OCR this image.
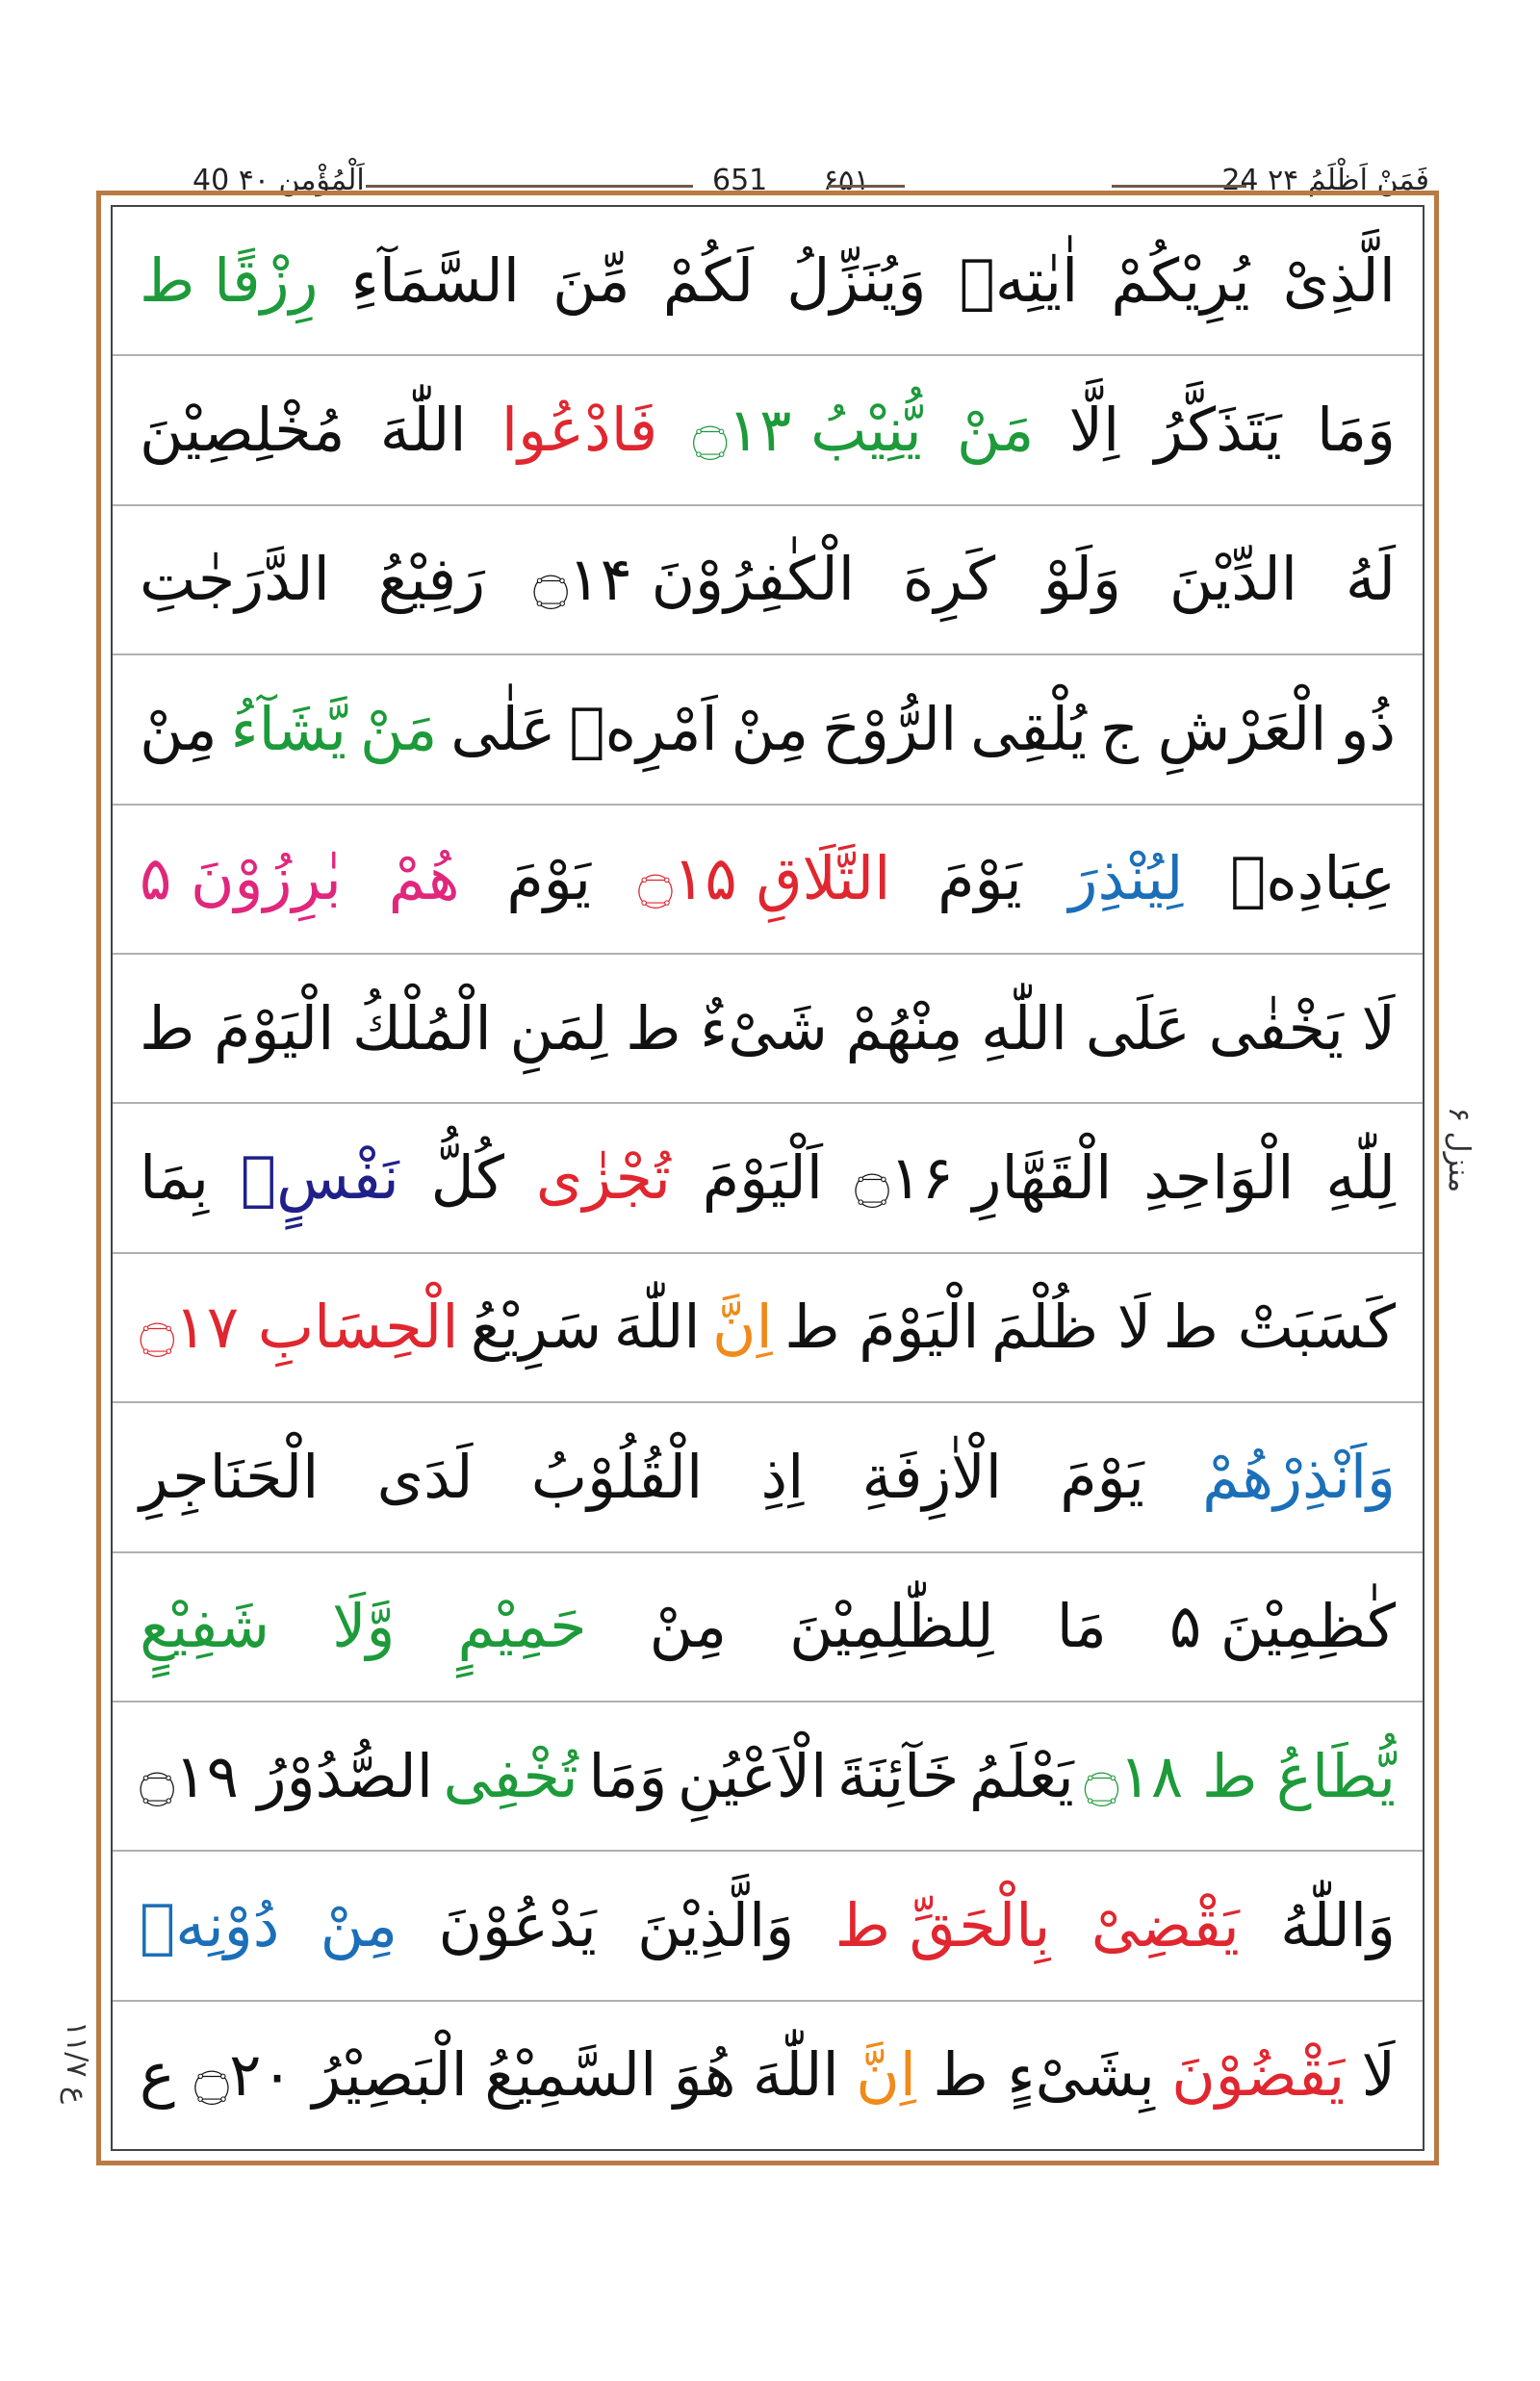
24 فَمَنْ اَظْلَمُ ۲۴
۶۵۱
651
40 اَلْمُؤْمِن ۴۰
الَّذِیْ
یُرِیْكُمْ
اٰیٰتِهٖ
وَیُنَزِّلُ
لَكُمْ
مِّنَ
السَّمَآءِ
رِزْقًا ط
وَمَا
یَتَذَكَّرُ
اِلَّا
مَنْ
یُّنِیْبُ ۝۱۳
فَادْعُوا
اللّٰهَ
مُخْلِصِیْنَ
لَهُ
الدِّیْنَ
وَلَوْ
كَرِهَ
الْكٰفِرُوْنَ ۝۱۴
رَفِیْعُ
الدَّرَجٰتِ
ذُو
الْعَرْشِ ج
یُلْقِی
الرُّوْحَ
مِنْ
اَمْرِهٖ
عَلٰی
مَنْ
یَّشَآءُ
مِنْ
عِبَادِهٖ
لِیُنْذِرَ
یَوْمَ
التَّلَاقِ ۝۱۵
یَوْمَ
هُمْ
بٰرِزُوْنَ ۵
لَا
یَخْفٰی
عَلَی
اللّٰهِ
مِنْهُمْ
شَیْءٌ ط
لِمَنِ
الْمُلْكُ
الْیَوْمَ ط
لِلّٰهِ
الْوَاحِدِ
الْقَهَّارِ ۝۱۶
اَلْیَوْمَ
تُجْزٰی
كُلُّ
نَفْسٍۢ
بِمَا
كَسَبَتْ ط
لَا ظُلْمَ
الْیَوْمَ ط
اِنَّ
اللّٰهَ
سَرِیْعُ
الْحِسَابِ ۝۱۷
وَاَنْذِرْهُمْ
یَوْمَ
الْاٰزِفَةِ
اِذِ
الْقُلُوْبُ
لَدَی
الْحَنَاجِرِ
كٰظِمِیْنَ ۵
مَا
لِلظّٰلِمِیْنَ
مِنْ
حَمِیْمٍ
وَّلَا
شَفِیْعٍ
یُّطَاعُ ط ۝۱۸
یَعْلَمُ
خَآئِنَةَ
الْاَعْیُنِ
وَمَا
تُخْفِی
الصُّدُوْرُ ۝۱۹
وَاللّٰهُ
یَقْضِیْ
بِالْحَقِّ ط
وَالَّذِیْنَ
یَدْعُوْنَ
مِنْ
دُوْنِهٖ
لَا
یَقْضُوْنَ
بِشَیْءٍ ط
اِنَّ
اللّٰهَ
هُوَ
السَّمِیْعُ
الْبَصِیْرُ ۝۲۰ ع
منزل ۶
ع ۱۱/۷
